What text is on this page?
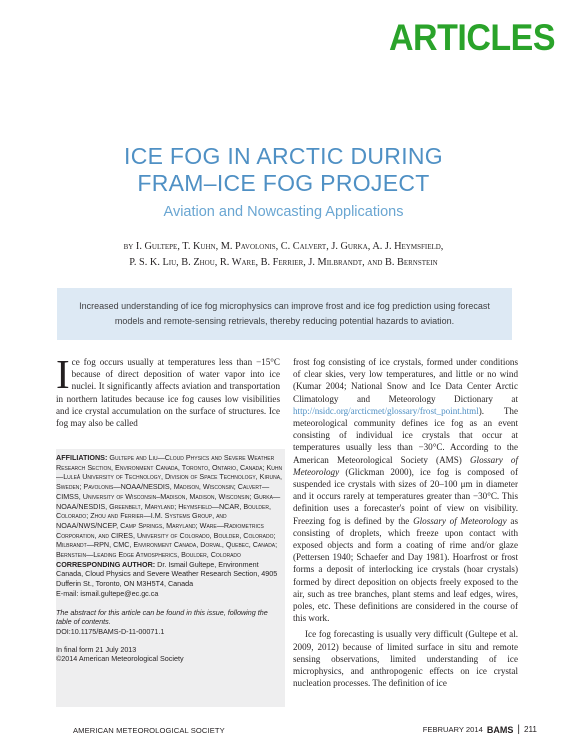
ARTICLES
ICE FOG IN ARCTIC DURING
FRAM–ICE FOG PROJECT
Aviation and Nowcasting Applications
by I. Gultepe, T. Kuhn, M. Pavolonis, C. Calvert, J. Gurka, A. J. Heymsfield,
P. S. K. Liu, B. Zhou, R. Ware, B. Ferrier, J. Milbrandt, and B. Bernstein

Increased understanding of ice fog microphysics can improve frost and ice fog prediction using forecast models and remote-sensing retrievals, thereby reducing potential hazards to aviation.

Ice fog occurs usually at temperatures less than −15°C because of direct deposition of water vapor into ice nuclei. It significantly affects aviation and transportation in northern latitudes because ice fog causes low visibilities and ice crystal accumulation on the surface of structures. Ice fog may also be called

AFFILIATIONS: Gultepe and Liu—Cloud Physics and Severe Weather Research Section, Environment Canada, Toronto, Ontario, Canada; Kuhn—Luleå University of Technology, Division of Space Technology, Kiruna, Sweden; Pavolonis—NOAA/NESDIS, Madison, Wisconsin; Calvert—CIMSS, University of Wisconsin–Madison, Madison, Wisconsin; Gurka—NOAA/NESDIS, Greenbelt, Maryland; Heymsfield—NCAR, Boulder, Colorado; Zhou and Ferrier—I.M. Systems Group, and NOAA/NWS/NCEP, Camp Springs, Maryland; Ware—Radiometrics Corporation, and CIRES, University of Colorado, Boulder, Colorado; Milbrandt—RPN, CMC, Environment Canada, Dorval, Quebec, Canada; Bernstein—Leading Edge Atmospherics, Boulder, Colorado

CORRESPONDING AUTHOR: Dr. Ismail Gultepe, Environment Canada, Cloud Physics and Severe Weather Research Section, 4905 Dufferin St., Toronto, ON M3H5T4, Canada

E-mail: ismail.gultepe@ec.gc.ca

The abstract for this article can be found in this issue, following the table of contents.

DOI:10.1175/BAMS-D-11-00071.1

In final form 21 July 2013

©2014 American Meteorological Society

frost fog consisting of ice crystals, formed under conditions of clear skies, very low temperatures, and little or no wind (Kumar 2004; National Snow and Ice Data Center Arctic Climatology and Meteorology Dictionary at http://nsidc.org/arcticmet/glossary/frost_point.html). The meteorological community defines ice fog as an event consisting of individual ice crystals that occur at temperatures usually less than −30°C. According to the American Meteorological Society (AMS) Glossary of Meteorology (Glickman 2000), ice fog is composed of suspended ice crystals with sizes of 20–100 μm in diameter and it occurs rarely at temperatures greater than −30°C. This definition uses a forecaster's point of view on visibility. Freezing fog is defined by the Glossary of Meteorology as consisting of droplets, which freeze upon contact with exposed objects and form a coating of rime and/or glaze (Pettersen 1940; Schaefer and Day 1981). Hoarfrost or frost forms a deposit of interlocking ice crystals (hoar crystals) formed by direct deposition on objects freely exposed to the air, such as tree branches, plant stems and leaf edges, wires, poles, etc. These definitions are considered in the course of this work.

Ice fog forecasting is usually very difficult (Gultepe et al. 2009, 2012) because of limited surface in situ and remote sensing observations, limited understanding of ice microphysics, and anthropogenic effects on ice crystal nucleation processes. The definition of ice

AMERICAN METEOROLOGICAL SOCIETY	FEBRUARY 2014 BAMS | 211
